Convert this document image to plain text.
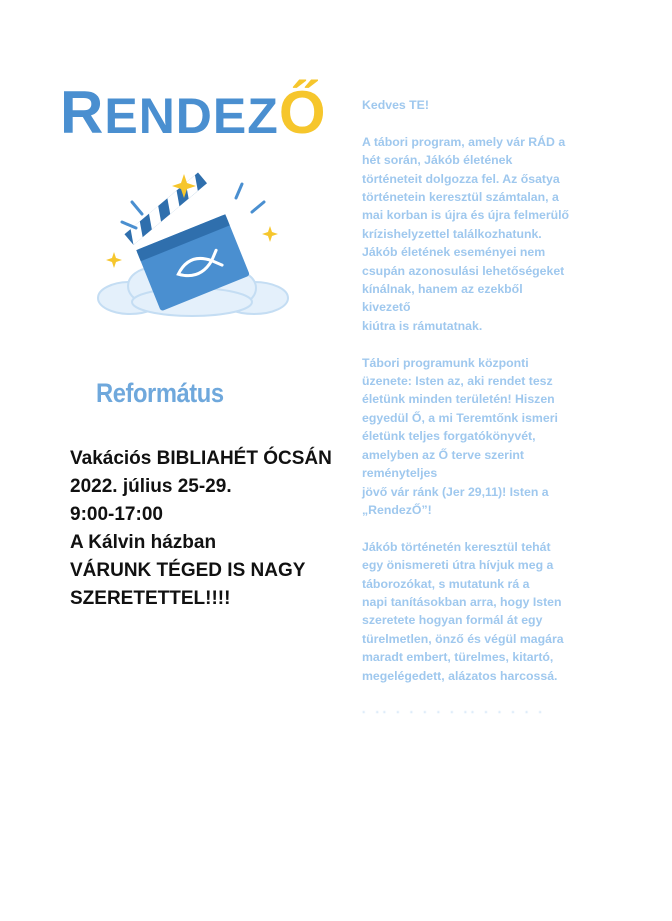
RENDEZŐ
Református
Vakációs BIBLIAHÉT ÓCSÁN
2022. július 25-29.
9:00-17:00
A Kálvin házban
VÁRUNK TÉGED IS NAGY
SZERETETTEL!!!!
Kedves TE!
A tábori program, amely vár RÁD a
hét során, Jákób életének
történeteit dolgozza fel. Az ősatya
történetein keresztül számtalan, a
mai korban is újra és újra felmerülő
krízishelyzettel találkozhatunk.
Jákób életének eseményei nem
csupán azonosulási lehetőségeket
kínálnak, hanem az ezekből
kivezető
kiútra is rámutatnak.
Tábori programunk központi
üzenete: Isten az, aki rendet tesz
életünk minden területén! Hiszen
egyedül Ő, a mi Teremtőnk ismeri
életünk teljes forgatókönyvét,
amelyben az Ő terve szerint
reményteljes
jövő vár ránk (Jer 29,11)! Isten a
„RendezŐ”!
Jákób történetén keresztül tehát
egy önismereti útra hívjuk meg a
táborozókat, s mutatunk rá a
napi tanításokban arra, hogy Isten
szeretete hogyan formál át egy
türelmetlen, önző és végül magára
maradt embert, türelmes, kitartó,
megelégedett, alázatos harcossá.
· ·· · · · · · ·· · · · · ·
